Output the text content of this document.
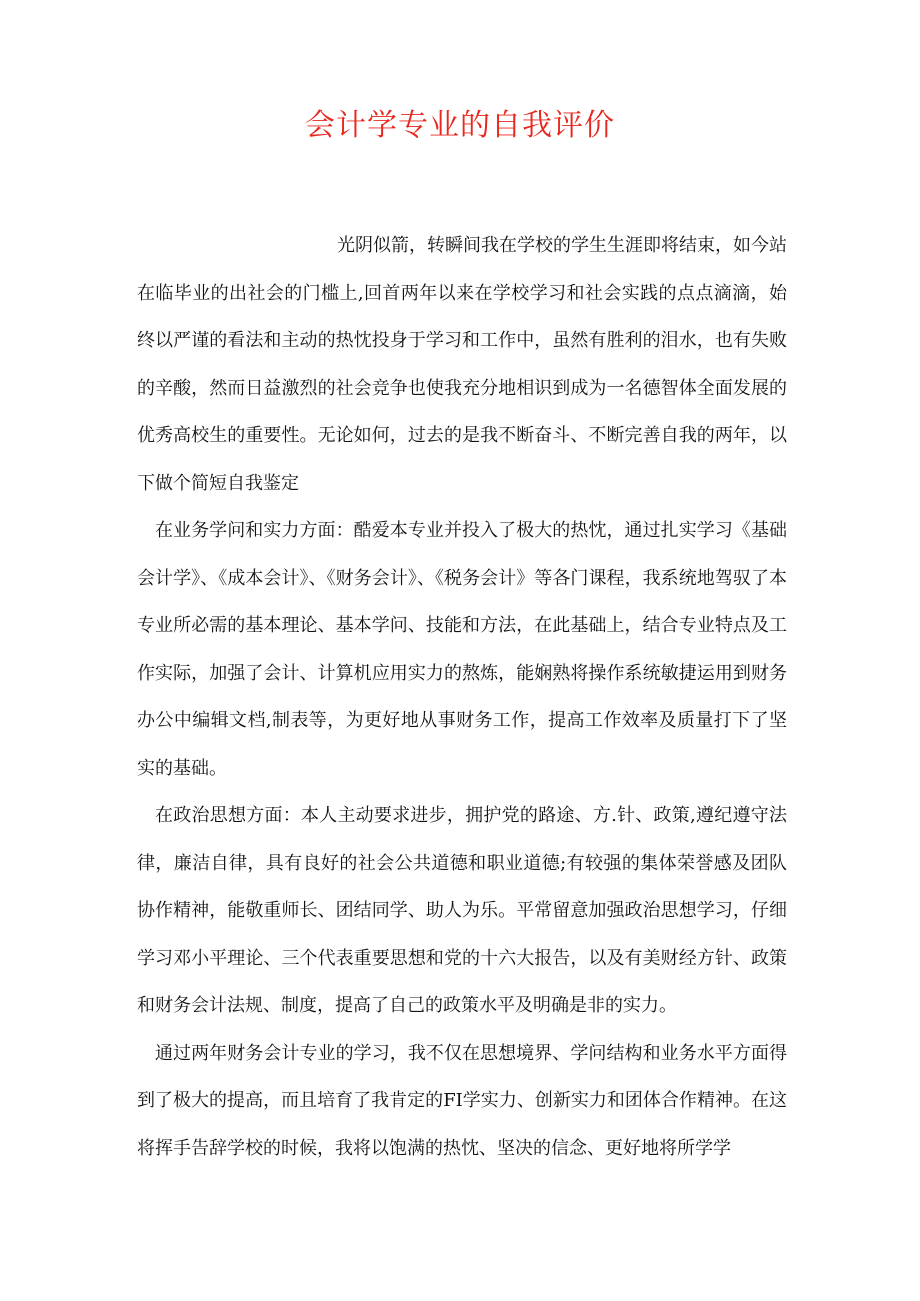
会计学专业的自我评价

光阴似箭，转瞬间我在学校的学生生涯即将结束，如今站在临毕业的出社会的门槛上,回首两年以来在学校学习和社会实践的点点滴滴，始终以严谨的看法和主动的热忱投身于学习和工作中，虽然有胜利的泪水，也有失败的辛酸，然而日益激烈的社会竞争也使我充分地相识到成为一名德智体全面发展的优秀高校生的重要性。无论如何，过去的是我不断奋斗、不断完善自我的两年，以下做个简短自我鉴定

在业务学问和实力方面：酷爱本专业并投入了极大的热忱，通过扎实学习《基础会计学》、《成本会计》、《财务会计》、《税务会计》等各门课程，我系统地驾驭了本专业所必需的基本理论、基本学问、技能和方法，在此基础上，结合专业特点及工作实际，加强了会计、计算机应用实力的熬炼，能娴熟将操作系统敏捷运用到财务办公中编辑文档,制表等，为更好地从事财务工作，提高工作效率及质量打下了坚实的基础。

在政治思想方面：本人主动要求进步，拥护党的路途、方.针、政策,遵纪遵守法律，廉洁自律，具有良好的社会公共道德和职业道德;有较强的集体荣誉感及团队协作精神，能敬重师长、团结同学、助人为乐。平常留意加强政治思想学习，仔细学习邓小平理论、三个代表重要思想和党的十六大报告，以及有美财经方针、政策和财务会计法规、制度，提高了自己的政策水平及明确是非的实力。

通过两年财务会计专业的学习，我不仅在思想境界、学问结构和业务水平方面得到了极大的提高，而且培育了我肯定的FI学实力、创新实力和团体合作精神。在这将挥手告辞学校的时候，我将以饱满的热忱、坚决的信念、更好地将所学学
